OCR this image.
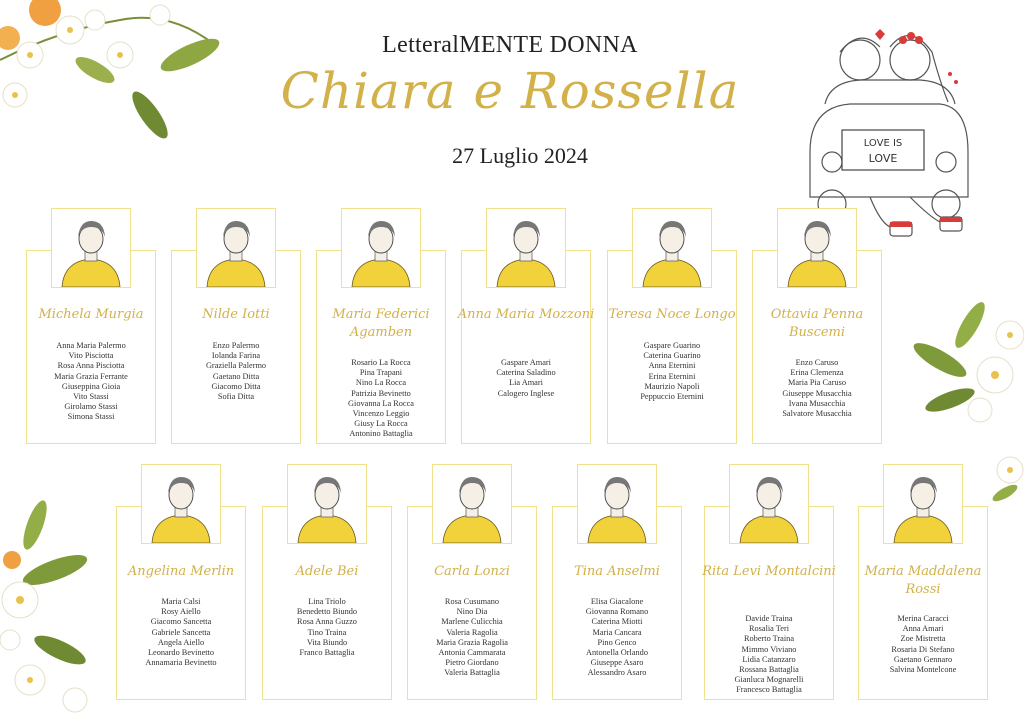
LetteralMENTE DONNA
Chiara e Rossella
27 Luglio 2024	LOVE IS
LOVE
Michela Murgia
Anna Maria Palermo
Vito Pisciotta
Rosa Anna Pisciotta
Maria Grazia Ferrante
Giuseppina Gioia
Vito Stassi
Girolamo Stassi
Simona Stassi
Nilde Iotti
Enzo Palermo
Iolanda Farina
Graziella Palermo
Gaetano Ditta
Giacomo Ditta
Sofia Ditta
Maria Federici Agamben
Rosario La Rocca
Pina Trapani
Nino La Rocca
Patrizia Bevinetto
Giovanna La Rocca
Vincenzo Leggio
Giusy La Rocca
Antonino Battaglia
Anna Maria Mozzoni
Gaspare Amari
Caterina Saladino
Lia Amari
Calogero Inglese
Teresa Noce Longo
Gaspare Guarino
Caterina Guarino
Anna Eternini
Erina Eternini
Maurizio Napoli
Peppuccio Eternini
Ottavia Penna Buscemi
Enzo Caruso
Erina Clemenza
Maria Pia Caruso
Giuseppe Musacchia
Ivana Musacchia
Salvatore Musacchia
Angelina Merlin
Maria Calsi
Rosy Aiello
Giacomo Sancetta
Gabriele Sancetta
Angela Aiello
Leonardo Bevinetto
Annamaria Bevinetto
Adele Bei
Lina Triolo
Benedetto Biundo
Rosa Anna Guzzo
Tino Traina
Vita Biundo
Franco Battaglia
Carla Lonzi
Rosa Cusumano
Nino Dia
Marlene Culicchia
Valeria Ragolia
Maria Grazia Ragolia
Antonia Cammarata
Pietro Giordano
Valeria Battaglia
Tina Anselmi
Elisa Giacalone
Giovanna Romano
Caterina Miotti
Maria Cancara
Pino Genco
Antonella Orlando
Giuseppe Asaro
Alessandro Asaro
Rita Levi Montalcini
Davide Traina
Rosalia Teri
Roberto Traina
Mimmo Viviano
Lidia Catanzaro
Rossana Battaglia
Gianluca Mognarelli
Francesco Battaglia
Maria Maddalena Rossi
Merina Caracci
Anna Amari
Zoe Mistretta
Rosaria Di Stefano
Gaetano Gennaro
Salvina Montelcone
